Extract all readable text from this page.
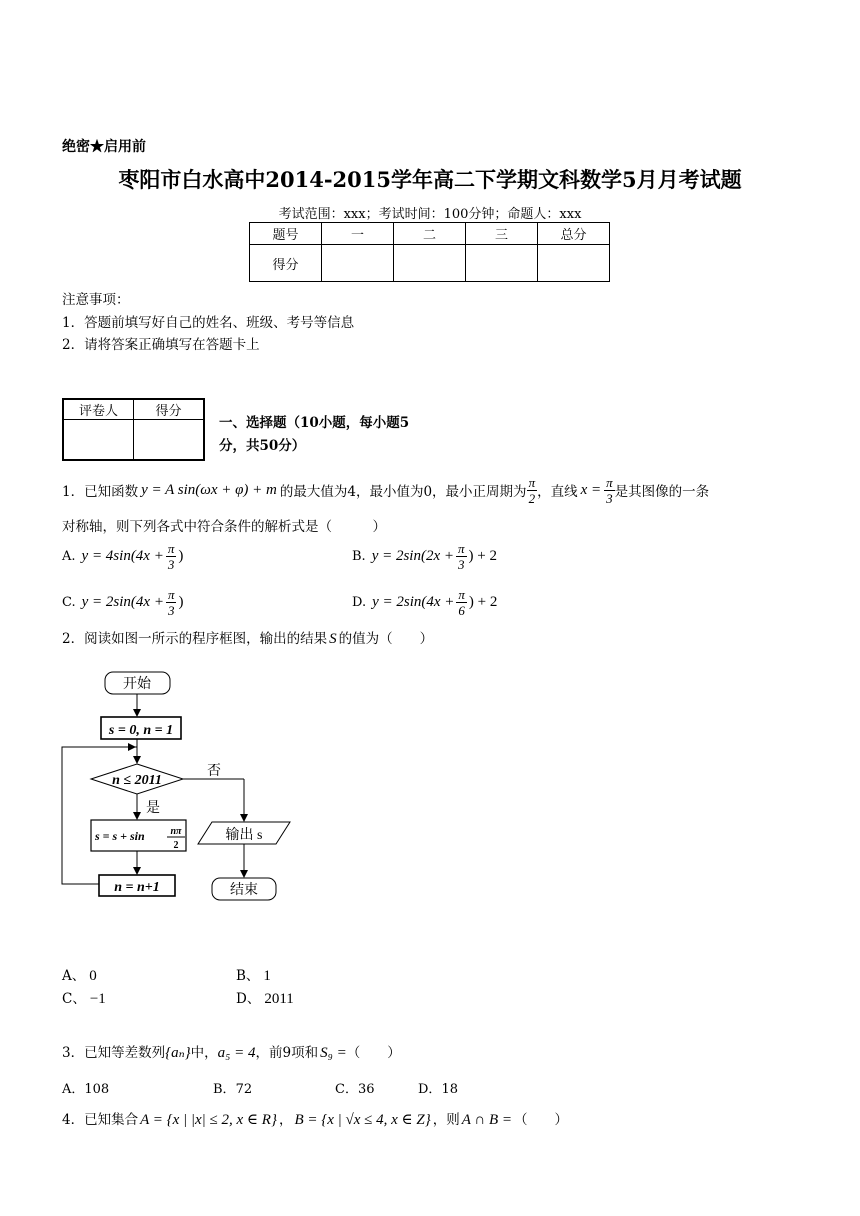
绝密★启用前
枣阳市白水高中2014-2015学年高二下学期文科数学5月月考试题
考试范围：xxx；考试时间：100分钟；命题人：xxx
题号	一	二	三	总分
得分				
注意事项：
1．答题前填写好自己的姓名、班级、考号等信息
2．请将答案正确填写在答题卡上
评卷人	得分

一、选择题（10小题，每小题5
分，共50分）
1．已知函数 y = A sin(ωx + φ) + m 的最大值为4，最小值为0，最小正周期为 $\frac{\pi}{2}$ ，直线 $x = \frac{\pi}{3}$ 是其图像的一条
对称轴，则下列各式中符合条件的解析式是（　　　）
A. $y = 4\sin(4x + \frac{\pi}{3}$ )	B. $y = 2\sin(2x + \frac{\pi}{3}$ ) + 2
C. $y = 2\sin(4x + \frac{\pi}{3}$ )	D. $y = 2\sin(4x + \frac{\pi}{6}$ ) + 2
2．阅读如图一所示的程序框图，输出的结果 S 的值为（　　）
开始
s = 0, n = 1
n ≤ 2011
否
是
s = s + sin	nπ
2
n = n+1
输出 s
结束
A、 0	B、 1
C、 −1	D、 2011
3．已知等差数列{aₙ}中，a₅ = 4，前9项和 S₉ =（　　）
A．108	B．72	C．36	D．18
4．已知集合 A = {x | |x| ≤ 2, x ∈ R} ， B = {x | √x ≤ 4, x ∈ Z} ，则 A ∩ B = （　　）
